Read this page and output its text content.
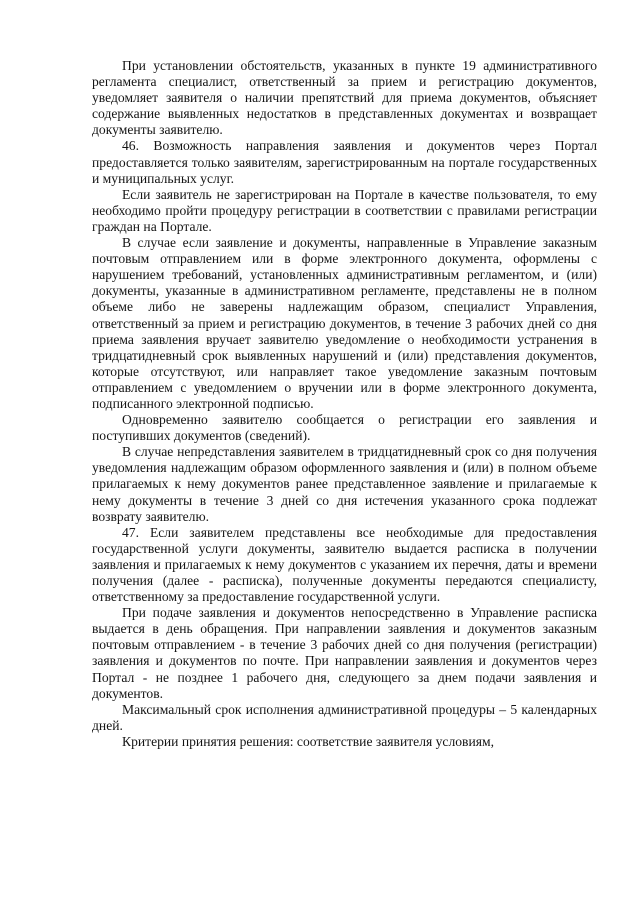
При установлении обстоятельств, указанных в пункте 19 административного регламента специалист, ответственный за прием и регистрацию документов, уведомляет заявителя о наличии препятствий для приема документов, объясняет содержание выявленных недостатков в представленных документах и возвращает документы заявителю.

46. Возможность направления заявления и документов через Портал предоставляется только заявителям, зарегистрированным на портале государственных и муниципальных услуг.

Если заявитель не зарегистрирован на Портале в качестве пользователя, то ему необходимо пройти процедуру регистрации в соответствии с правилами регистрации граждан на Портале.

В случае если заявление и документы, направленные в Управление заказным почтовым отправлением или в форме электронного документа, оформлены с нарушением требований, установленных административным регламентом, и (или) документы, указанные в административном регламенте, представлены не в полном объеме либо не заверены надлежащим образом, специалист Управления, ответственный за прием и регистрацию документов, в течение 3 рабочих дней со дня приема заявления вручает заявителю уведомление о необходимости устранения в тридцатидневный срок выявленных нарушений и (или) представления документов, которые отсутствуют, или направляет такое уведомление заказным почтовым отправлением с уведомлением о вручении или в форме электронного документа, подписанного электронной подписью.

Одновременно заявителю сообщается о регистрации его заявления и поступивших документов (сведений).

В случае непредставления заявителем в тридцатидневный срок со дня получения уведомления надлежащим образом оформленного заявления и (или) в полном объеме прилагаемых к нему документов ранее представленное заявление и прилагаемые к нему документы в течение 3 дней со дня истечения указанного срока подлежат возврату заявителю.

47. Если заявителем представлены все необходимые для предоставления государственной услуги документы, заявителю выдается расписка в получении заявления и прилагаемых к нему документов с указанием их перечня, даты и времени получения (далее - расписка), полученные документы передаются специалисту, ответственному за предоставление государственной услуги.

При подаче заявления и документов непосредственно в Управление расписка выдается в день обращения. При направлении заявления и документов заказным почтовым отправлением - в течение 3 рабочих дней со дня получения (регистрации) заявления и документов по почте. При направлении заявления и документов через Портал - не позднее 1 рабочего дня, следующего за днем подачи заявления и документов.

Максимальный срок исполнения административной процедуры – 5 календарных дней.

Критерии принятия решения: соответствие заявителя условиям,
